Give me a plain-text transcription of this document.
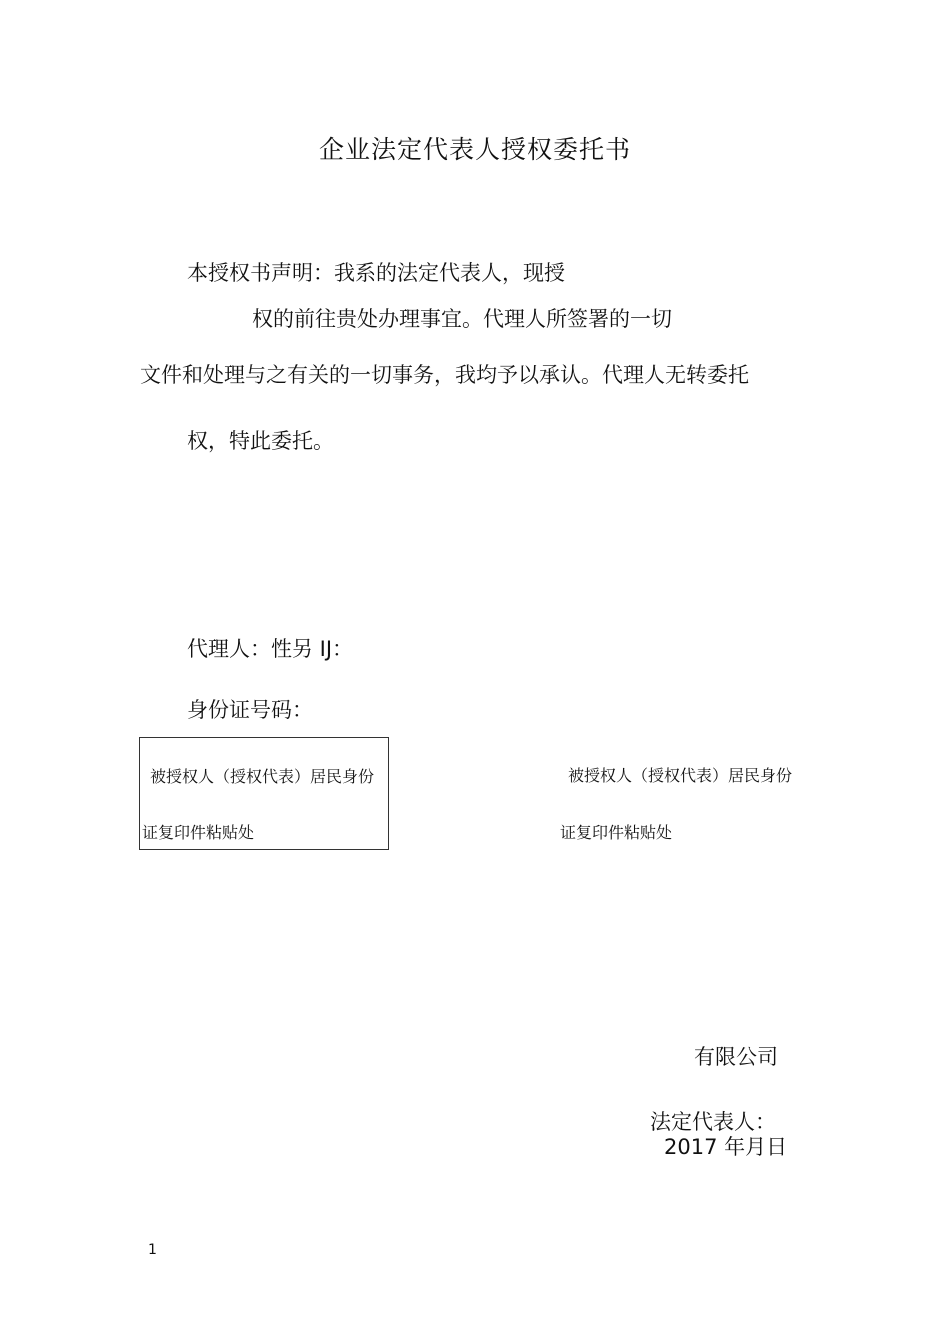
企业法定代表人授权委托书
本授权书声明：我系的法定代表人，现授
权的前往贵处办理事宜。代理人所签署的一切
文件和处理与之有关的一切事务，我均予以承认。代理人无转委托
权，特此委托。
代理人：性另 IJ：
身份证号码：
被授权人（授权代表）居民身份
证复印件粘贴处
被授权人（授权代表）居民身份
证复印件粘贴处
有限公司
法定代表人：
2017 年月日
1
